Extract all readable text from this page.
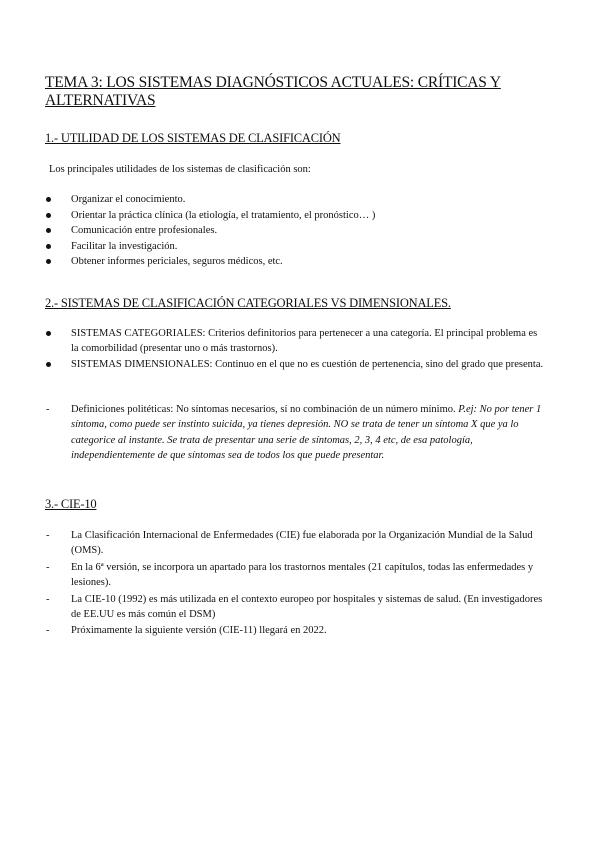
TEMA 3: LOS SISTEMAS DIAGNÓSTICOS ACTUALES: CRÍTICAS Y ALTERNATIVAS
1.- UTILIDAD DE LOS SISTEMAS DE CLASIFICACIÓN
Los principales utilidades de los sistemas de clasificación son:
Organizar el conocimiento.
Orientar la práctica clínica (la etiología, el tratamiento, el pronóstico… )
Comunicación entre profesionales.
Facilitar la investigación.
Obtener informes periciales, seguros médicos, etc.
2.- SISTEMAS DE CLASIFICACIÓN CATEGORIALES VS DIMENSIONALES.
SISTEMAS CATEGORIALES: Criterios definitorios para pertenecer a una categoría. El principal problema es la comorbilidad (presentar uno o más trastornos).
SISTEMAS DIMENSIONALES: Continuo en el que no es cuestión de pertenencia, sino del grado que presenta.
- Definiciones politéticas: No síntomas necesarios, sí no combinación de un número mínimo. P.ej: No por tener 1 síntoma, como puede ser instinto suicida, ya tienes depresión. NO se trata de tener un síntoma X que ya lo categorice al instante. Se trata de presentar una serie de síntomas, 2, 3, 4 etc, de esa patología, independientemente de que síntomas sea de todos los que puede presentar.
3.- CIE-10
- La Clasificación Internacional de Enfermedades (CIE) fue elaborada por la Organización Mundial de la Salud (OMS).
- En la 6ª versión, se incorpora un apartado para los trastornos mentales (21 capítulos, todas las enfermedades y lesiones).
- La CIE-10 (1992) es más utilizada en el contexto europeo por hospitales y sistemas de salud. (En investigadores de EE.UU es más común el DSM)
- Próximamente la siguiente versión (CIE-11) llegará en 2022.
